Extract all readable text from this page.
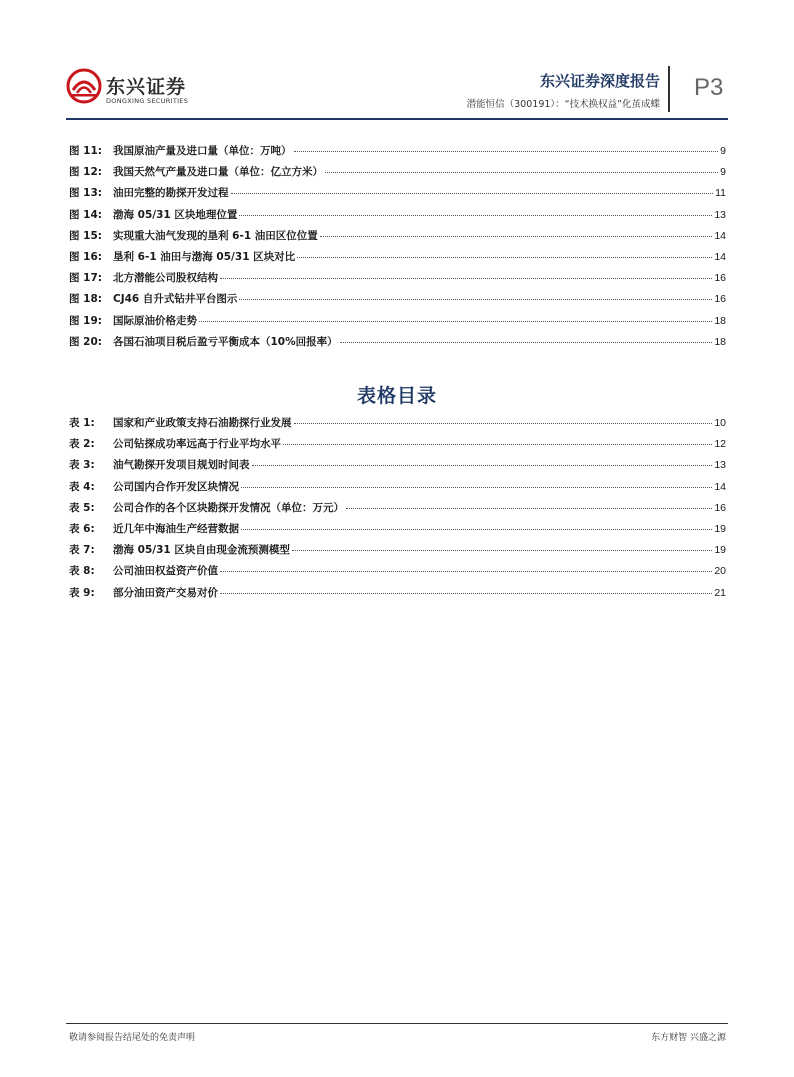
东兴证券
DONGXING SECURITIES
东兴证券深度报告
潜能恒信（300191）：“技术换权益”化茧成蝶
P3
图 11:	我国原油产量及进口量（单位：万吨）	9
图 12:	我国天然气产量及进口量（单位：亿立方米）	9
图 13:	油田完整的勘探开发过程	11
图 14:	渤海 05/31 区块地理位置	13
图 15:	实现重大油气发现的垦利 6-1 油田区位位置	14
图 16:	垦利 6-1 油田与渤海 05/31 区块对比	14
图 17:	北方潜能公司股权结构	16
图 18:	CJ46 自升式钻井平台图示	16
图 19:	国际原油价格走势	18
图 20:	各国石油项目税后盈亏平衡成本（10%回报率）	18
表格目录
表 1:	国家和产业政策支持石油勘探行业发展	10
表 2:	公司钻探成功率远高于行业平均水平	12
表 3:	油气勘探开发项目规划时间表	13
表 4:	公司国内合作开发区块情况	14
表 5:	公司合作的各个区块勘探开发情况（单位：万元）	16
表 6:	近几年中海油生产经营数据	19
表 7:	渤海 05/31 区块自由现金流预测模型	19
表 8:	公司油田权益资产价值	20
表 9:	部分油田资产交易对价	21
敬请参阅报告结尾处的免责声明	东方财智 兴盛之源
